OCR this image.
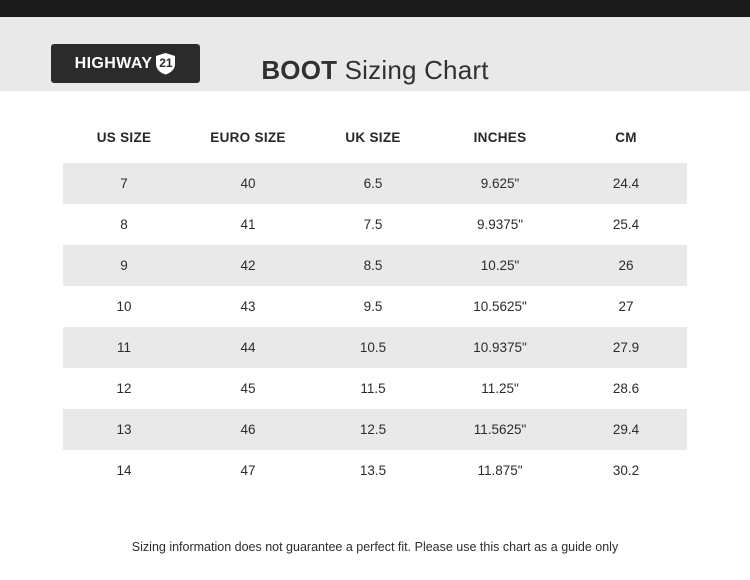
HIGHWAY 21	BOOT Sizing Chart
US SIZE	EURO SIZE	UK SIZE	INCHES	CM
7	40	6.5	9.625"	24.4
8	41	7.5	9.9375"	25.4
9	42	8.5	10.25"	26
10	43	9.5	10.5625"	27
11	44	10.5	10.9375"	27.9
12	45	11.5	11.25"	28.6
13	46	12.5	11.5625"	29.4
14	47	13.5	11.875"	30.2
Sizing information does not guarantee a perfect fit. Please use this chart as a guide only
